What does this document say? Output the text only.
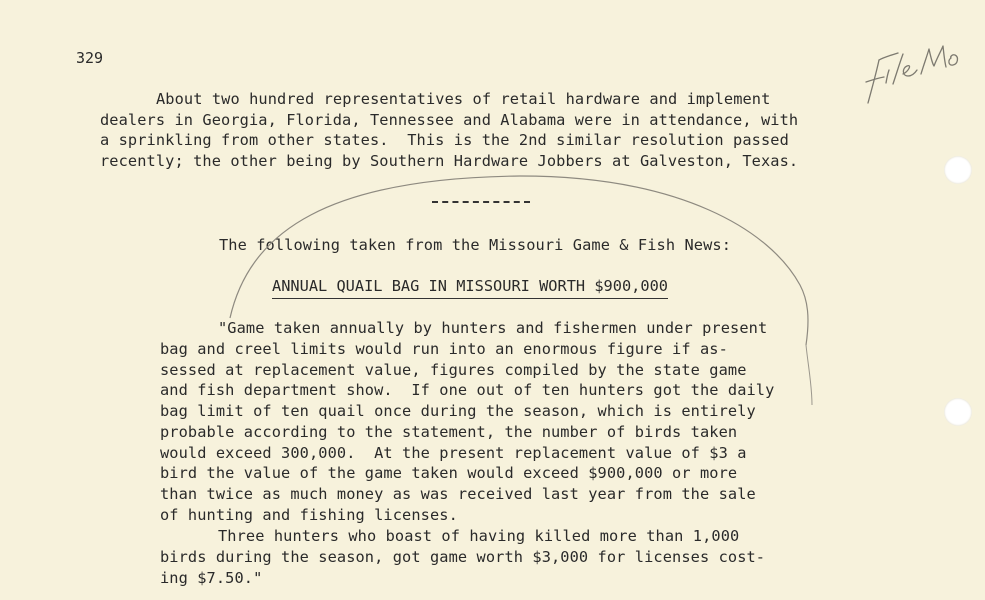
329
About two hundred representatives of retail hardware and implement
dealers in Georgia, Florida, Tennessee and Alabama were in attendance, with
a sprinkling from other states.  This is the 2nd similar resolution passed
recently; the other being by Southern Hardware Jobbers at Galveston, Texas.
The following taken from the Missouri Game & Fish News:
ANNUAL QUAIL BAG IN MISSOURI WORTH $900,000
"Game taken annually by hunters and fishermen under present
bag and creel limits would run into an enormous figure if as-
sessed at replacement value, figures compiled by the state game
and fish department show.  If one out of ten hunters got the daily
bag limit of ten quail once during the season, which is entirely
probable according to the statement, the number of birds taken
would exceed 300,000.  At the present replacement value of $3 a
bird the value of the game taken would exceed $900,000 or more
than twice as much money as was received last year from the sale
of hunting and fishing licenses.
Three hunters who boast of having killed more than 1,000
birds during the season, got game worth $3,000 for licenses cost-
ing $7.50."
